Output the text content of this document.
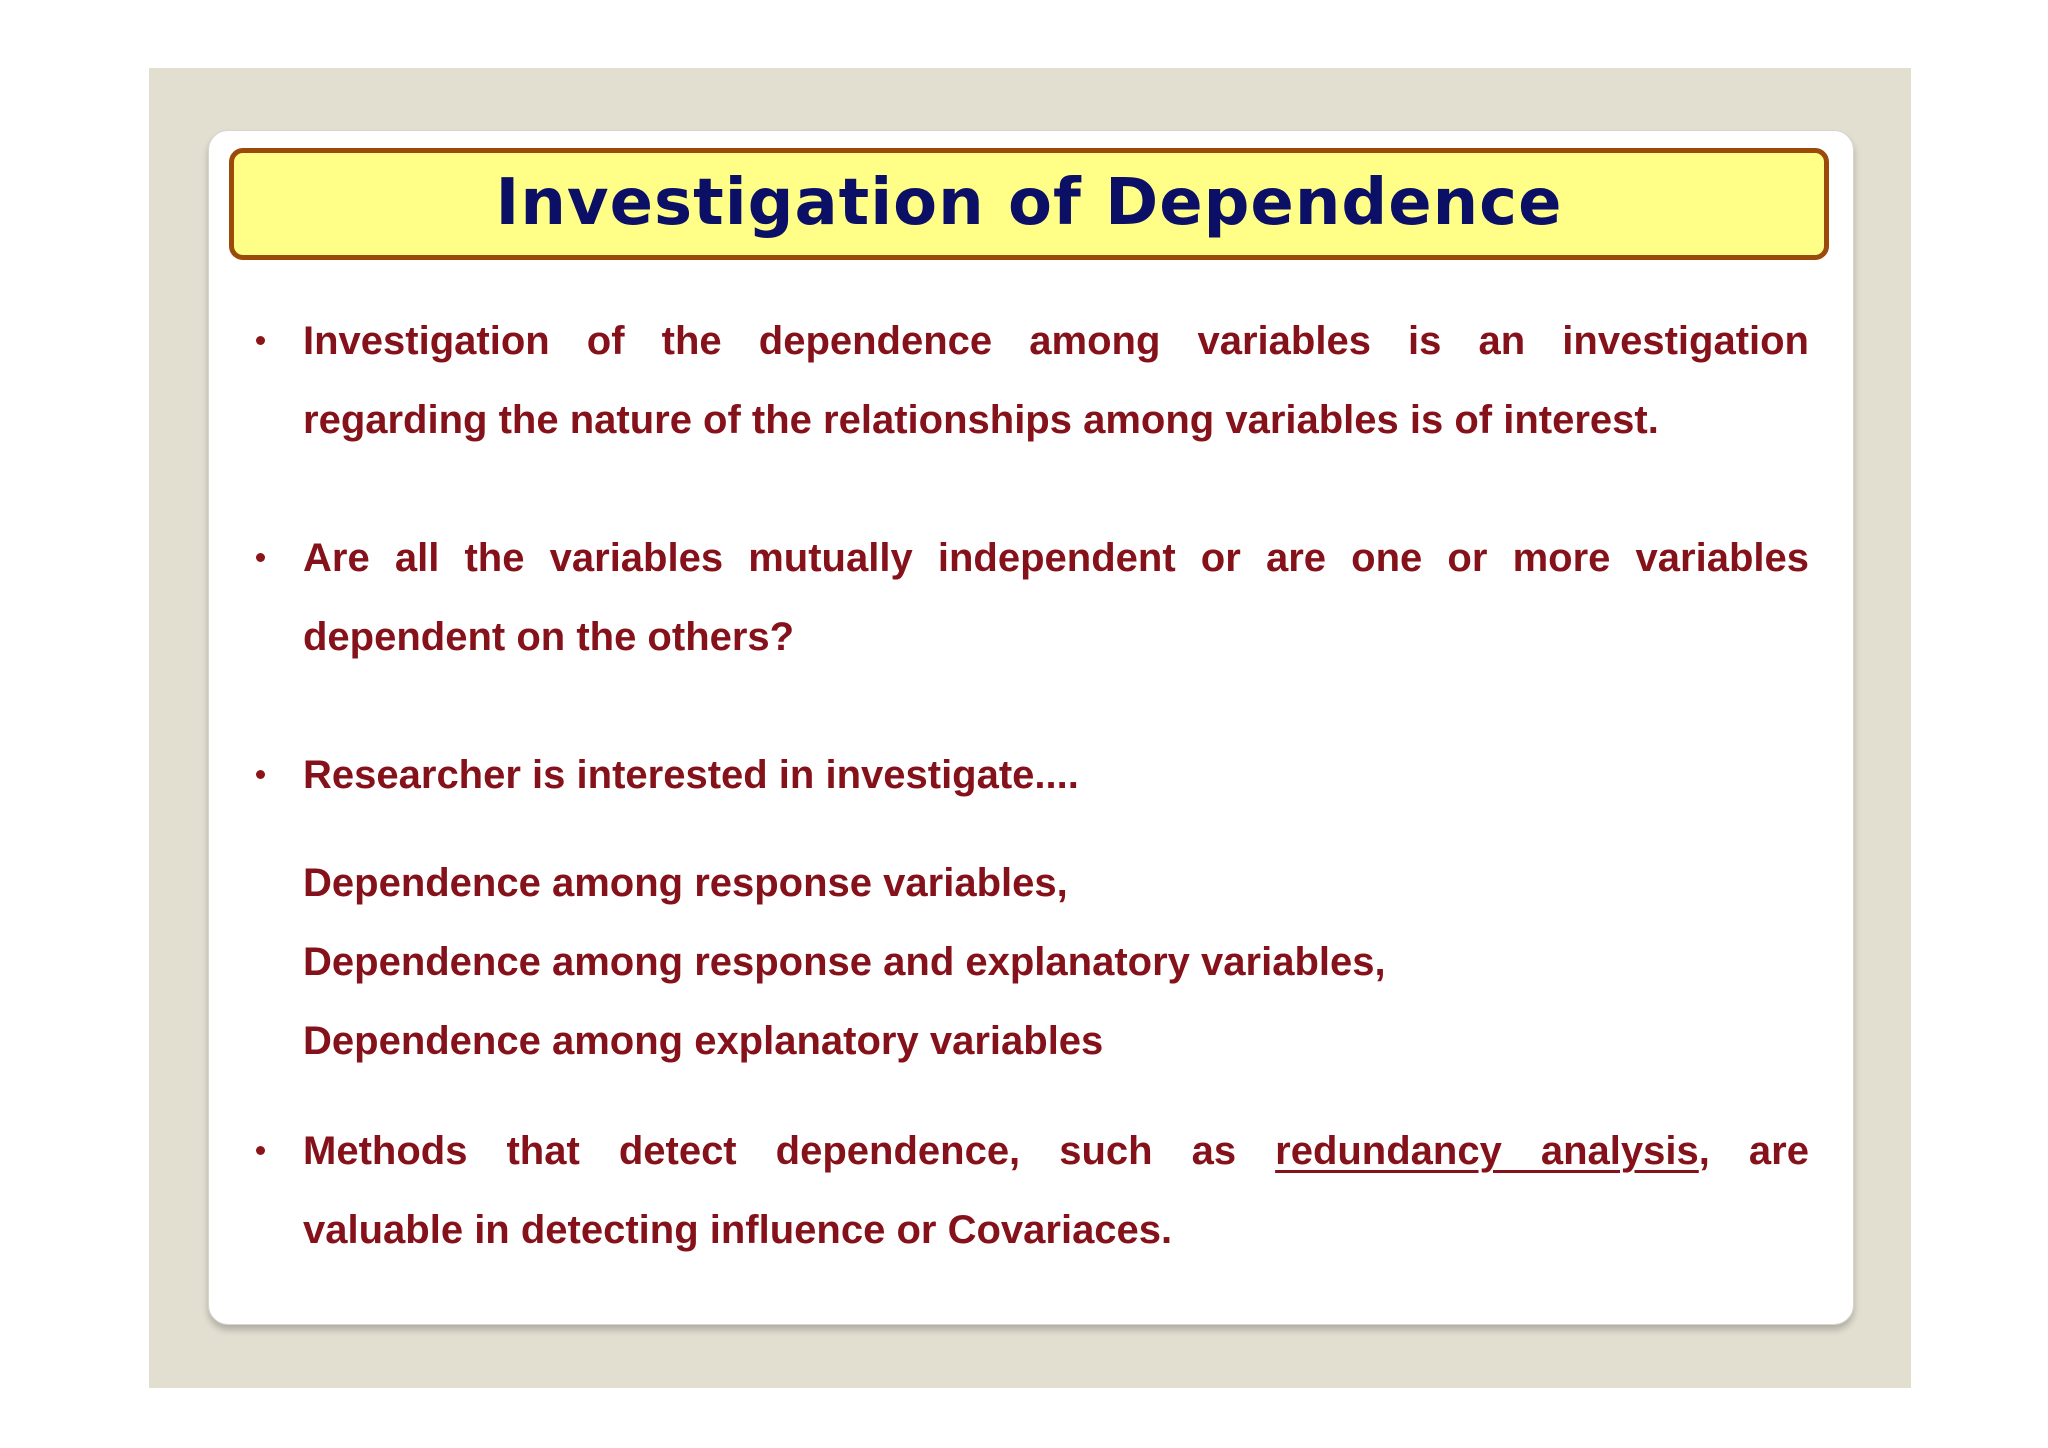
Investigation of Dependence
Investigation of the dependence among variables is an investigation
regarding the nature of the relationships among variables is of interest.
Are all the variables mutually independent or are one or more variables
dependent on the others?
Researcher is interested in investigate....
Dependence among response variables,
Dependence among response and explanatory variables,
Dependence among explanatory variables
Methods that detect dependence, such as redundancy analysis, are
valuable in detecting influence or Covariaces.
